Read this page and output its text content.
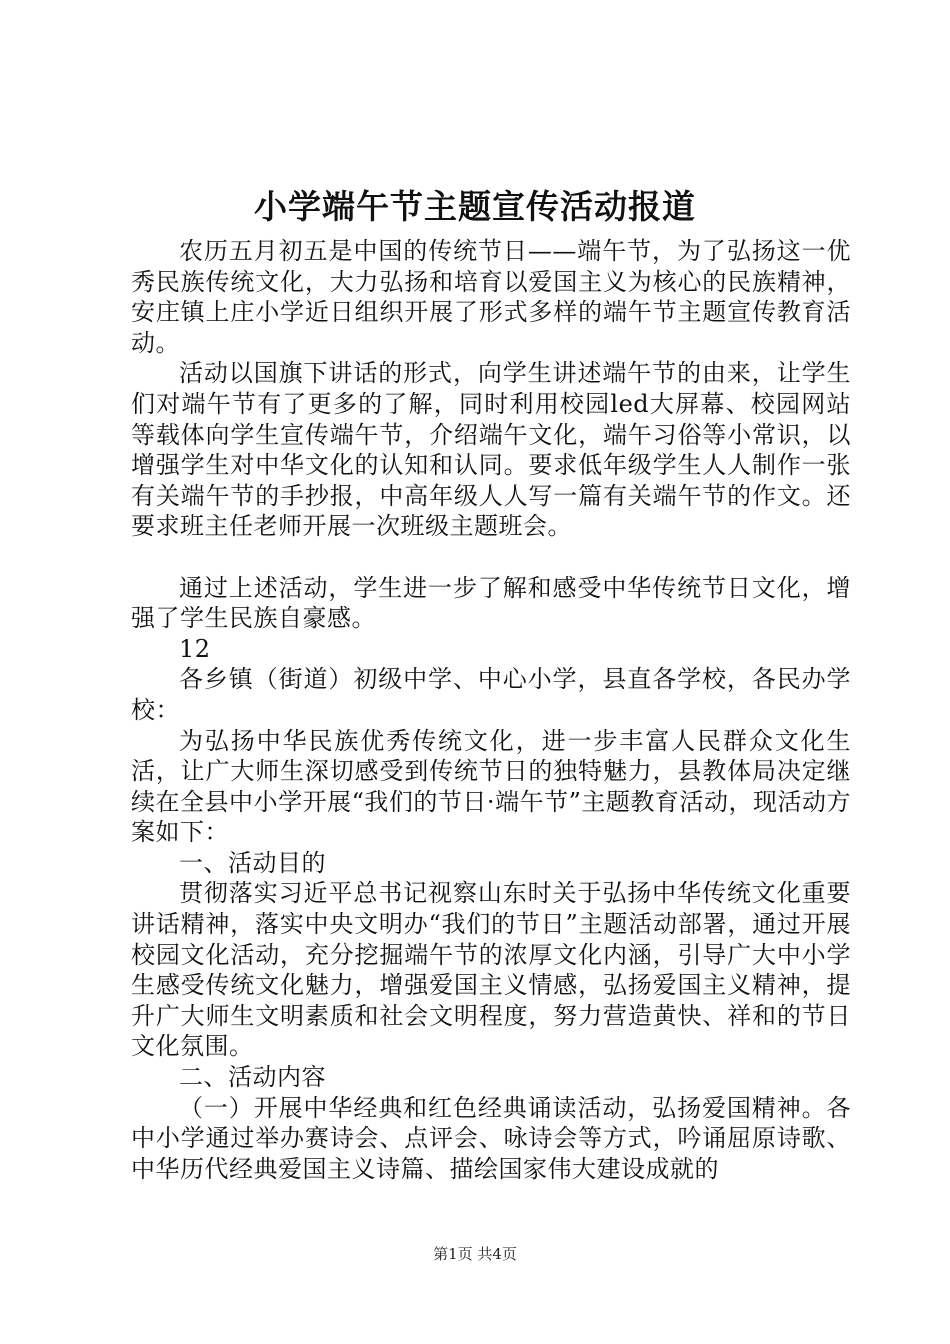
小学端午节主题宣传活动报道

农历五月初五是中国的传统节日——端午节，为了弘扬这一优秀民族传统文化，大力弘扬和培育以爱国主义为核心的民族精神，安庄镇上庄小学近日组织开展了形式多样的端午节主题宣传教育活动。

活动以国旗下讲话的形式，向学生讲述端午节的由来，让学生们对端午节有了更多的了解，同时利用校园led大屏幕、校园网站等载体向学生宣传端午节，介绍端午文化，端午习俗等小常识，以增强学生对中华文化的认知和认同。要求低年级学生人人制作一张有关端午节的手抄报，中高年级人人写一篇有关端午节的作文。还要求班主任老师开展一次班级主题班会。

通过上述活动，学生进一步了解和感受中华传统节日文化，增强了学生民族自豪感。

12

各乡镇（街道）初级中学、中心小学，县直各学校，各民办学校：

为弘扬中华民族优秀传统文化，进一步丰富人民群众文化生活，让广大师生深切感受到传统节日的独特魅力，县教体局决定继续在全县中小学开展“我们的节日·端午节”主题教育活动，现活动方案如下：

一、活动目的

贯彻落实习近平总书记视察山东时关于弘扬中华传统文化重要讲话精神，落实中央文明办“我们的节日”主题活动部署，通过开展校园文化活动，充分挖掘端午节的浓厚文化内涵，引导广大中小学生感受传统文化魅力，增强爱国主义情感，弘扬爱国主义精神，提升广大师生文明素质和社会文明程度，努力营造黄快、祥和的节日文化氛围。

二、活动内容

（一）开展中华经典和红色经典诵读活动，弘扬爱国精神。各中小学通过举办赛诗会、点评会、咏诗会等方式，吟诵屈原诗歌、中华历代经典爱国主义诗篇、描绘国家伟大建设成就的

第1页 共4页
